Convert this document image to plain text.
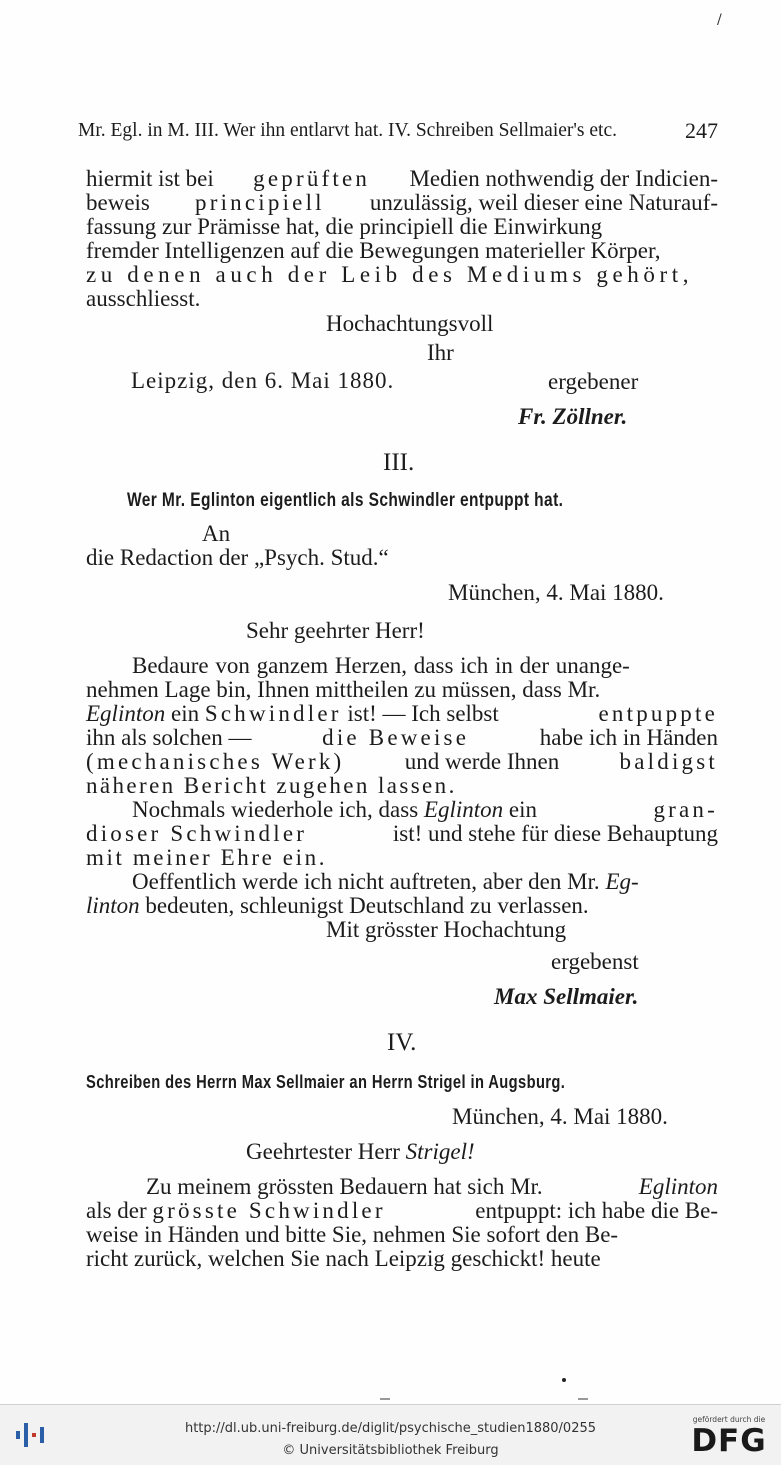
/
Mr. Egl. in M. III. Wer ihn entlarvt hat. IV. Schreiben Sellmaier's etc.	247
hiermit ist bei geprüften Medien nothwendig der Indicien-
beweis principiell unzulässig, weil dieser eine Naturauf-
fassung zur Prämisse hat, die principiell die Einwirkung
fremder Intelligenzen auf die Bewegungen materieller Körper,
zu denen auch der Leib des Mediums gehört,
ausschliesst.
Hochachtungsvoll
Ihr
Leipzig, den 6. Mai 1880.	ergebener
Fr. Zöllner.
III.
Wer Mr. Eglinton eigentlich als Schwindler entpuppt hat.
An
die Redaction der „Psych. Stud.“
München, 4. Mai 1880.
Sehr geehrter Herr!
Bedaure von ganzem Herzen, dass ich in der unange-
nehmen Lage bin, Ihnen mittheilen zu müssen, dass Mr.
Eglinton ein Schwindler ist! — Ich selbst	entpuppte
ihn als solchen —	die Beweise	habe ich in Händen
(mechanisches Werk)	und werde Ihnen	baldigst
näheren Bericht zugehen lassen.
Nochmals wiederhole ich, dass Eglinton ein	gran-
dioser Schwindler	ist! und stehe für diese Behauptung
mit meiner Ehre ein.
Oeffentlich werde ich nicht auftreten, aber den Mr. Eg-
linton bedeuten, schleunigst Deutschland zu verlassen.
Mit grösster Hochachtung
ergebenst
Max Sellmaier.
IV.
Schreiben des Herrn Max Sellmaier an Herrn Strigel in Augsburg.
München, 4. Mai 1880.
Geehrtester Herr Strigel!
Zu meinem grössten Bedauern hat sich Mr.	Eglinton
als der grösste Schwindler	entpuppt: ich habe die Be-
weise in Händen und bitte Sie, nehmen Sie sofort den Be-
richt zurück, welchen Sie nach Leipzig geschickt! heute
http://dl.ub.uni-freiburg.de/diglit/psychische_studien1880/0255
© Universitätsbibliothek Freiburg
gefördert durch die
DFG
